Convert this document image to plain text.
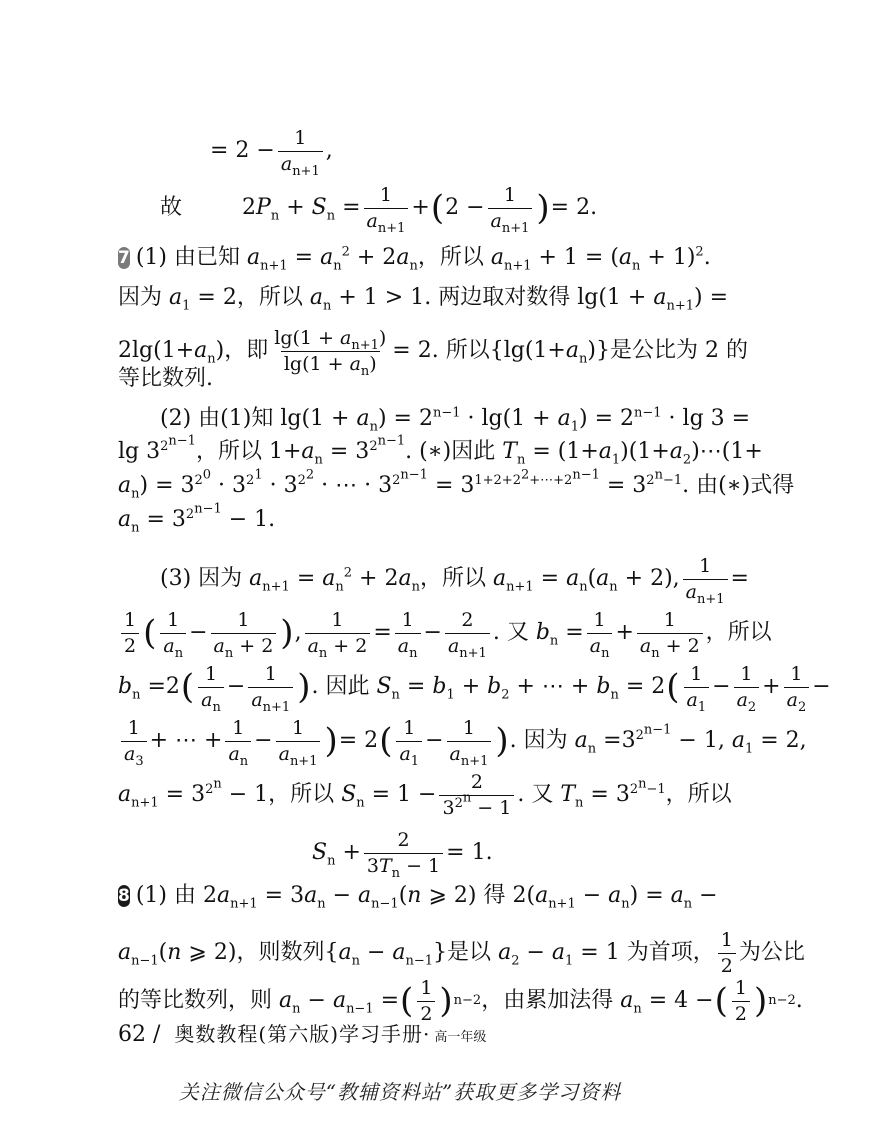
= $2 - \frac{1}{a_{n+1}}$ ,
故	$2P_n + S_n = \frac{1}{a_{n+1}}$ + ( $2 - \frac{1}{a_{n+1}}$ ) = 2.
7 (1) 由已知 $a_{n+1} = a_n^2 + 2a_n$ ，所以 $a_{n+1} + 1 = (a_n + 1)^2$.
因为 $a_1 = 2$ ，所以 $a_n + 1 > 1$. 两边取对数得 $\lg(1 + a_{n+1})$ =
$2\lg(1+a_n)$ ，即 $\frac{\lg(1 + a_{n+1})}{\lg(1 + a_n)} = 2$. 所以 $\{\lg(1+a_n)\}$ 是公比为 2 的
等比数列.
(2) 由(1)知 $\lg(1 + a_n) = 2^{n-1} \cdot \lg(1 + a_1) = 2^{n-1} \cdot \lg 3$ =
$\lg 3^{2^{n-1}}$ ，所以 $1+a_n = 3^{2^{n-1}}$. (∗)因此 $T_n$ = $(1+a_1)(1+a_2)\cdots(1+$
$a_n) = 3^{2^0} \cdot 3^{2^1} \cdot 3^{2^2}$ · ⋯ · $3^{2^{n-1}} = 3^{1+2+2^2+\cdots+2^{n-1}} = 3^{2^n-1}$. 由(∗)式得
$a_n = 3^{2^{n-1}} - 1$.
(3) 因为 $a_{n+1} = a_n^2 + 2a_n$ ，所以 $a_{n+1} = a_n(a_n + 2)$, $\frac{1}{a_{n+1}}$ =
$\frac{1}{2}$ ( $\frac{1}{a_n} - \frac{1}{a_n + 2}$ ) , $\frac{1}{a_n + 2} = \frac{1}{a_n} - \frac{2}{a_{n+1}}$ . 又 $b_n = \frac{1}{a_n} + \frac{1}{a_n + 2}$ ，所以
$b_n =2$ ( $\frac{1}{a_n} - \frac{1}{a_{n+1}}$ ) . 因此 $S_n = b_1 + b_2$ + ⋯ + $b_n = 2$ ( $\frac{1}{a_1} - \frac{1}{a_2} + \frac{1}{a_2}$ −
$\frac{1}{a_3}$ + ⋯ + $\frac{1}{a_n} - \frac{1}{a_{n+1}}$ ) = 2 ( $\frac{1}{a_1} - \frac{1}{a_{n+1}}$ ) . 因为 $a_n =3^{2^{n-1}} - 1$, $a_1 = 2$,
$a_{n+1} = 3^{2^n} - 1$ ，所以 $S_n = 1 - \frac{2}{3^{2^n} - 1}$ . 又 $T_n = 3^{2^n-1}$ ，所以
$S_n + \frac{2}{3T_n - 1} = 1$.
8 (1) 由 $2a_{n+1} = 3a_n - a_{n-1}(n$ ⩾ 2) 得 $2(a_{n+1} - a_n) = a_n$ −
$a_{n-1}(n$ ⩾ 2) ，则数列 $\{a_n - a_{n-1}\}$ 是以 $a_2 - a_1 = 1$ 为首项， $\frac{1}{2}$ 为公比
的等比数列，则 $a_n - a_{n-1}$ = ( $\frac{1}{2}$ ) n−2 ，由累加法得 $a_n = 4$ − ( $\frac{1}{2}$ ) n−2 .
62 / 奥数教程(第六版)学习手册· 高一年级
关注微信公众号“教辅资料站”获取更多学习资料
